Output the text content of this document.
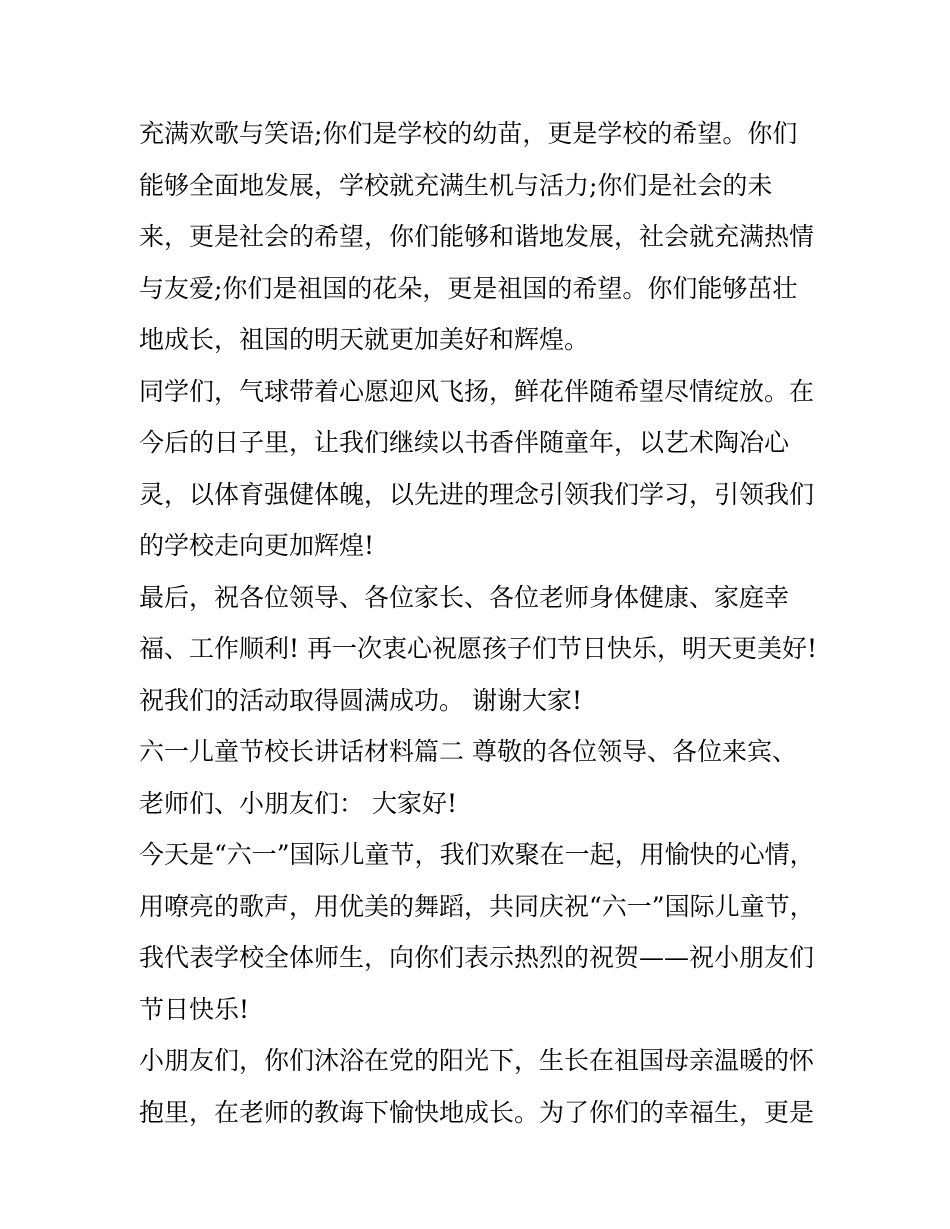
充满欢歌与笑语;你们是学校的幼苗，更是学校的希望。你们
能够全面地发展，学校就充满生机与活力;你们是社会的未
来，更是社会的希望，你们能够和谐地发展，社会就充满热情
与友爱;你们是祖国的花朵，更是祖国的希望。你们能够茁壮
地成长，祖国的明天就更加美好和辉煌。
同学们，气球带着心愿迎风飞扬，鲜花伴随希望尽情绽放。在
今后的日子里，让我们继续以书香伴随童年，以艺术陶冶心
灵，以体育强健体魄，以先进的理念引领我们学习，引领我们
的学校走向更加辉煌!
最后，祝各位领导、各位家长、各位老师身体健康、家庭幸
福、工作顺利! 再一次衷心祝愿孩子们节日快乐，明天更美好!
祝我们的活动取得圆满成功。 谢谢大家!
六一儿童节校长讲话材料篇二 尊敬的各位领导、各位来宾、
老师们、小朋友们： 大家好!
今天是“六一”国际儿童节，我们欢聚在一起，用愉快的心情，
用嘹亮的歌声，用优美的舞蹈，共同庆祝“六一”国际儿童节，
我代表学校全体师生，向你们表示热烈的祝贺——祝小朋友们
节日快乐!
小朋友们，你们沐浴在党的阳光下，生长在祖国母亲温暖的怀
抱里，在老师的教诲下愉快地成长。为了你们的幸福生，更是
